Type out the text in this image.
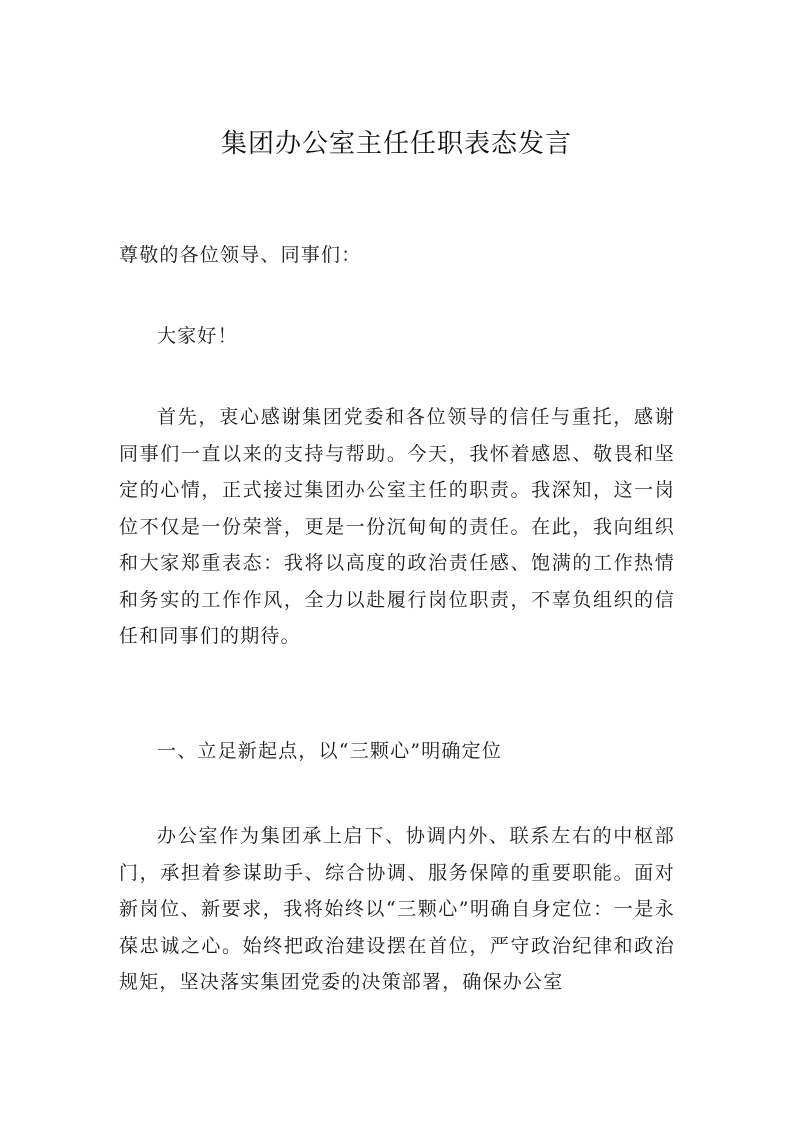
集团办公室主任任职表态发言

尊敬的各位领导、同事们：

大家好！

首先，衷心感谢集团党委和各位领导的信任与重托，感谢同事们一直以来的支持与帮助。今天，我怀着感恩、敬畏和坚定的心情，正式接过集团办公室主任的职责。我深知，这一岗位不仅是一份荣誉，更是一份沉甸甸的责任。在此，我向组织和大家郑重表态：我将以高度的政治责任感、饱满的工作热情和务实的工作作风，全力以赴履行岗位职责，不辜负组织的信任和同事们的期待。

一、立足新起点，以“三颗心”明确定位

办公室作为集团承上启下、协调内外、联系左右的中枢部门，承担着参谋助手、综合协调、服务保障的重要职能。面对新岗位、新要求，我将始终以“三颗心”明确自身定位：一是永葆忠诚之心。始终把政治建设摆在首位，严守政治纪律和政治规矩，坚决落实集团党委的决策部署，确保办公室
